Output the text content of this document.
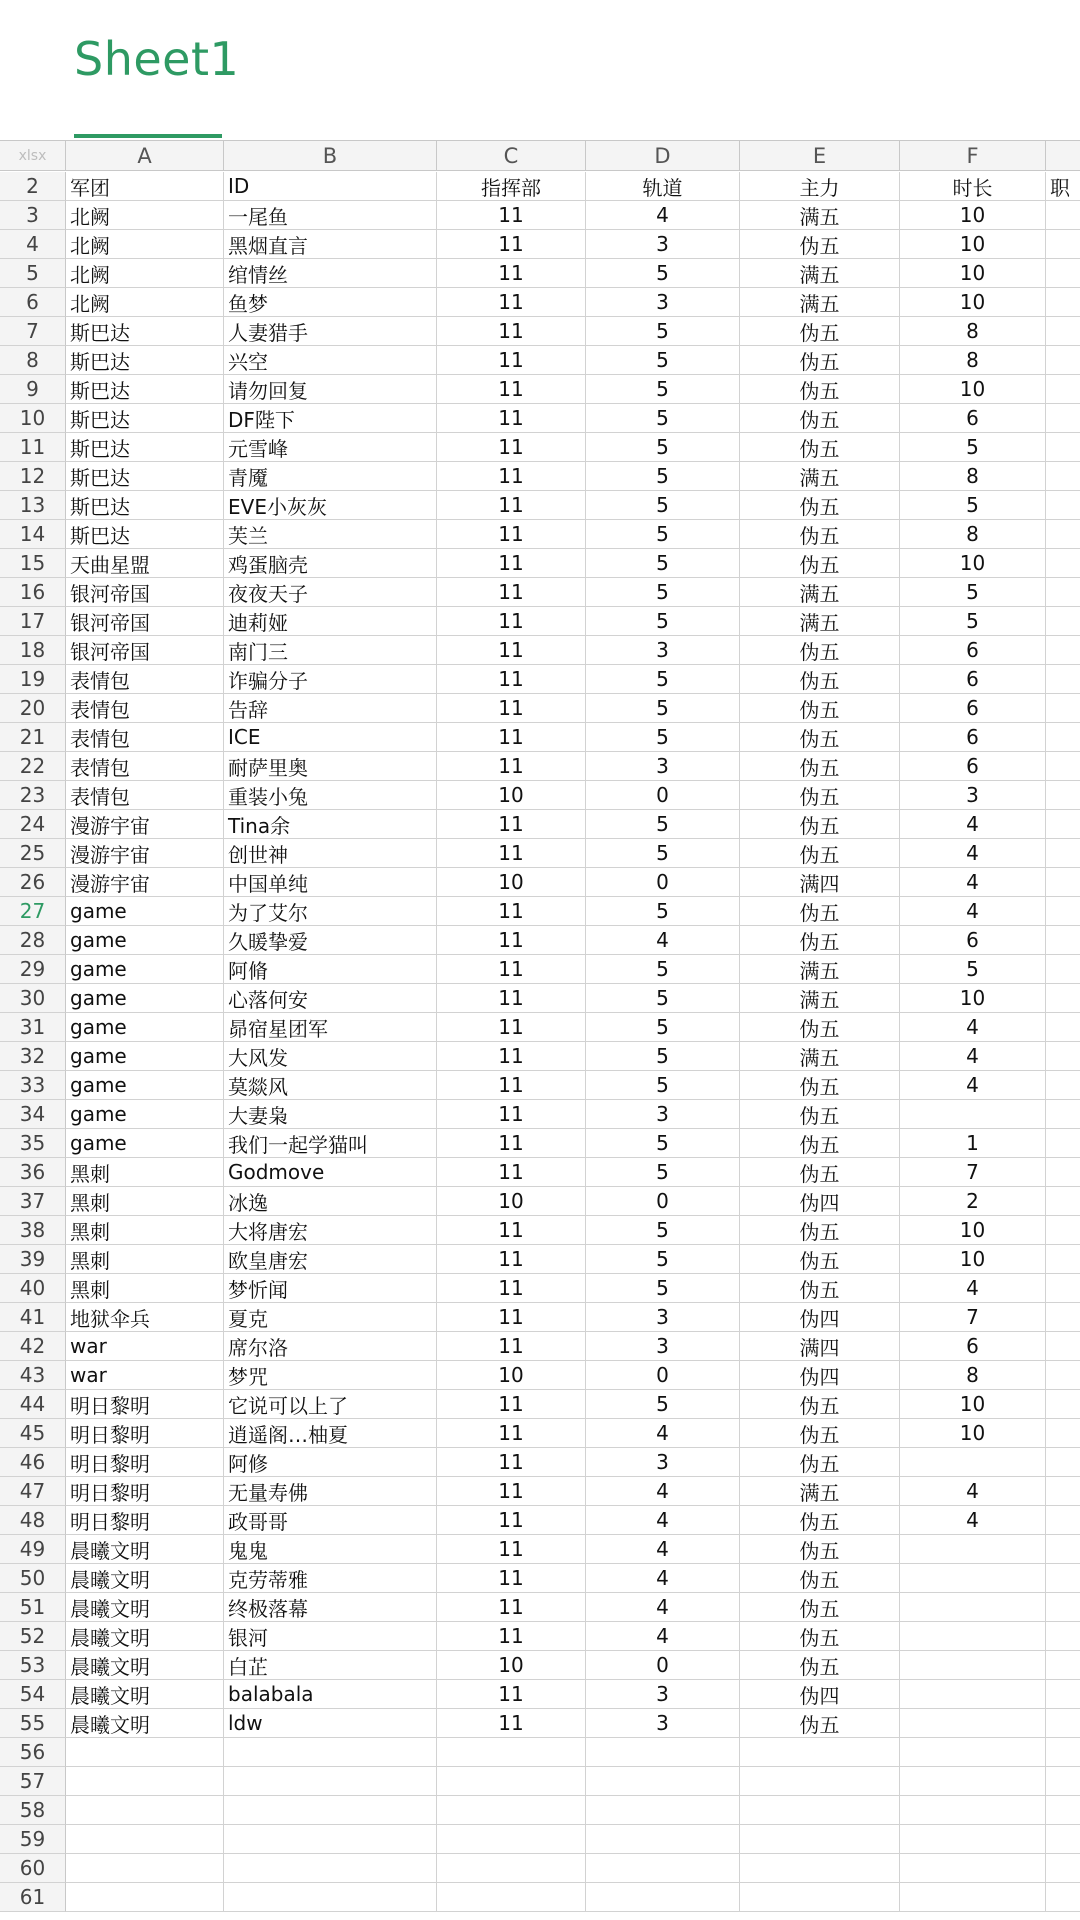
Sheet1
xlsx	A	B	C	D	E	F
2	军团	ID	指挥部	轨道	主力	时长	职
3	北阙	一尾鱼	11	4	满五	10
4	北阙	黑烟直言	11	3	伪五	10
5	北阙	绾情丝	11	5	满五	10
6	北阙	鱼梦	11	3	满五	10
7	斯巴达	人妻猎手	11	5	伪五	8
8	斯巴达	兴空	11	5	伪五	8
9	斯巴达	请勿回复	11	5	伪五	10
10	斯巴达	DF陛下	11	5	伪五	6
11	斯巴达	元雪峰	11	5	伪五	5
12	斯巴达	青魇	11	5	满五	8
13	斯巴达	EVE小灰灰	11	5	伪五	5
14	斯巴达	芙兰	11	5	伪五	8
15	天曲星盟	鸡蛋脑壳	11	5	伪五	10
16	银河帝国	夜夜天子	11	5	满五	5
17	银河帝国	迪莉娅	11	5	满五	5
18	银河帝国	南门三	11	3	伪五	6
19	表情包	诈骗分子	11	5	伪五	6
20	表情包	告辞	11	5	伪五	6
21	表情包	ICE	11	5	伪五	6
22	表情包	耐萨里奥	11	3	伪五	6
23	表情包	重装小兔	10	0	伪五	3
24	漫游宇宙	Tina余	11	5	伪五	4
25	漫游宇宙	创世神	11	5	伪五	4
26	漫游宇宙	中国单纯	10	0	满四	4
27	game	为了艾尔	11	5	伪五	4
28	game	久暖挚爱	11	4	伪五	6
29	game	阿脩	11	5	满五	5
30	game	心落何安	11	5	满五	10
31	game	昴宿星团军	11	5	伪五	4
32	game	大风发	11	5	满五	4
33	game	莫燚风	11	5	伪五	4
34	game	大妻枭	11	3	伪五
35	game	我们一起学猫叫	11	5	伪五	1
36	黑刺	Godmove	11	5	伪五	7
37	黑刺	冰逸	10	0	伪四	2
38	黑刺	大将唐宏	11	5	伪五	10
39	黑刺	欧皇唐宏	11	5	伪五	10
40	黑刺	梦忻闻	11	5	伪五	4
41	地狱伞兵	夏克	11	3	伪四	7
42	war	席尔洛	11	3	满四	6
43	war	梦咒	10	0	伪四	8
44	明日黎明	它说可以上了	11	5	伪五	10
45	明日黎明	逍遥阁…柚夏	11	4	伪五	10
46	明日黎明	阿修	11	3	伪五
47	明日黎明	无量寿佛	11	4	满五	4
48	明日黎明	政哥哥	11	4	伪五	4
49	晨曦文明	鬼鬼	11	4	伪五
50	晨曦文明	克劳蒂雅	11	4	伪五
51	晨曦文明	终极落幕	11	4	伪五
52	晨曦文明	银河	11	4	伪五
53	晨曦文明	白芷	10	0	伪五
54	晨曦文明	balabala	11	3	伪四
55	晨曦文明	ldw	11	3	伪五
56
57
58
59
60
61
